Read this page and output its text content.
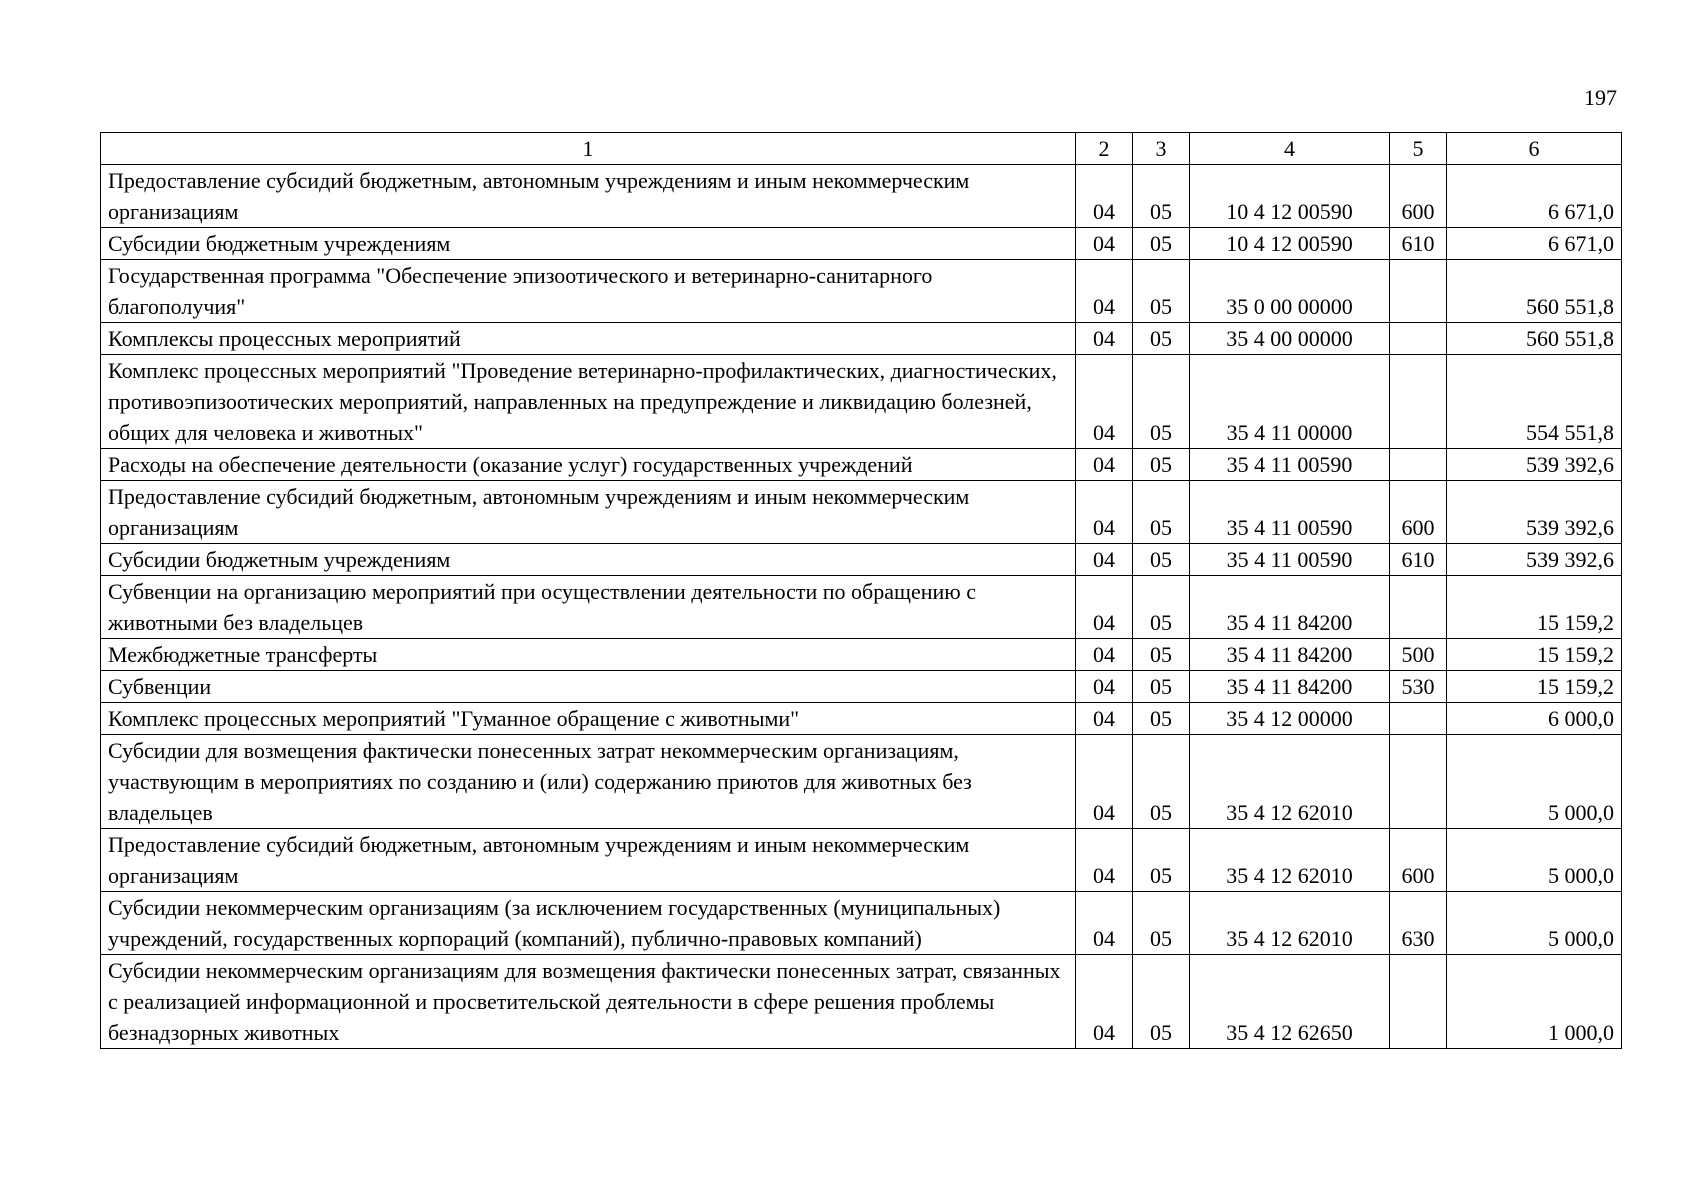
197
1	2	3	4	5	6
Предоставление субсидий бюджетным, автономным учреждениям и иным некоммерческим организациям	04	05	10 4 12 00590	600	6 671,0
Субсидии бюджетным учреждениям	04	05	10 4 12 00590	610	6 671,0
Государственная программа "Обеспечение эпизоотического и ветеринарно-санитарного благополучия"	04	05	35 0 00 00000		560 551,8
Комплексы процессных мероприятий	04	05	35 4 00 00000		560 551,8
Комплекс процессных мероприятий "Проведение ветеринарно-профилактических, диагностических, противоэпизоотических мероприятий, направленных на предупреждение и ликвидацию болезней, общих для человека и животных"	04	05	35 4 11 00000		554 551,8
Расходы на обеспечение деятельности (оказание услуг) государственных учреждений	04	05	35 4 11 00590		539 392,6
Предоставление субсидий бюджетным, автономным учреждениям и иным некоммерческим организациям	04	05	35 4 11 00590	600	539 392,6
Субсидии бюджетным учреждениям	04	05	35 4 11 00590	610	539 392,6
Субвенции на организацию мероприятий при осуществлении деятельности по обращению с животными без владельцев	04	05	35 4 11 84200		15 159,2
Межбюджетные трансферты	04	05	35 4 11 84200	500	15 159,2
Субвенции	04	05	35 4 11 84200	530	15 159,2
Комплекс процессных мероприятий "Гуманное обращение с животными"	04	05	35 4 12 00000		6 000,0
Субсидии для возмещения фактически понесенных затрат некоммерческим организациям, участвующим в мероприятиях по созданию и (или) содержанию приютов для животных без владельцев	04	05	35 4 12 62010		5 000,0
Предоставление субсидий бюджетным, автономным учреждениям и иным некоммерческим организациям	04	05	35 4 12 62010	600	5 000,0
Субсидии некоммерческим организациям (за исключением государственных (муниципальных) учреждений, государственных корпораций (компаний), публично-правовых компаний)	04	05	35 4 12 62010	630	5 000,0
Субсидии некоммерческим организациям для возмещения фактически понесенных затрат, связанных с реализацией информационной и просветительской деятельности в сфере решения проблемы безнадзорных животных	04	05	35 4 12 62650		1 000,0
